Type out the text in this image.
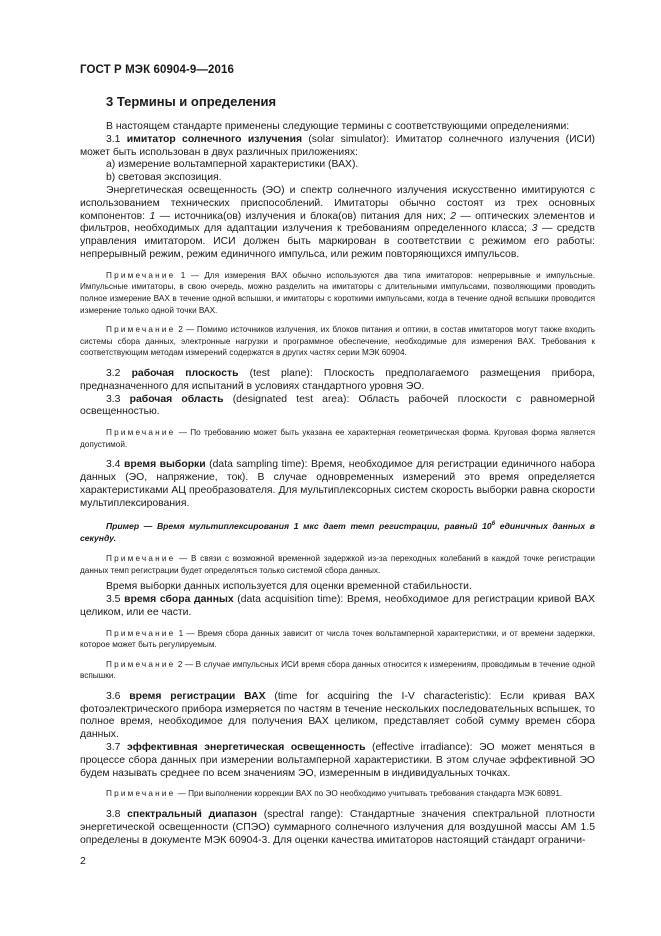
ГОСТ Р МЭК 60904-9—2016
3 Термины и определения

В настоящем стандарте применены следующие термины с соответствующими определениями:

3.1 имитатор солнечного излучения (solar simulator): Имитатор солнечного излучения (ИСИ) может быть использован в двух различных приложениях:

a) измерение вольтамперной характеристики (ВАХ).

b) световая экспозиция.

Энергетическая освещенность (ЭО) и спектр солнечного излучения искусственно имитируются с использованием технических приспособлений. Имитаторы обычно состоят из трех основных компонентов: 1 — источника(ов) излучения и блока(ов) питания для них; 2 — оптических элементов и фильтров, необходимых для адаптации излучения к требованиям определенного класса; 3 — средств управления имитатором. ИСИ должен быть маркирован в соответствии с режимом его работы: непрерывный режим, режим единичного импульса, или режим повторяющихся импульсов.

Примечание 1 — Для измерения ВАХ обычно используются два типа имитаторов: непрерывные и импульсные. Импульсные имитаторы, в свою очередь, можно разделить на имитаторы с длительными импульсами, позволяющими проводить полное измерение ВАХ в течение одной вспышки, и имитаторы с короткими импульсами, когда в течение одной вспышки проводится измерение только одной точки ВАХ.

Примечание 2 — Помимо источников излучения, их блоков питания и оптики, в состав имитаторов могут также входить системы сбора данных, электронные нагрузки и программное обеспечение, необходимые для измерения ВАХ. Требования к соответствующим методам измерений содержатся в других частях серии МЭК 60904.

3.2 рабочая плоскость (test plane): Плоскость предполагаемого размещения прибора, предназначенного для испытаний в условиях стандартного уровня ЭО.

3.3 рабочая область (designated test area): Область рабочей плоскости с равномерной освещенностью.

Примечание — По требованию может быть указана ее характерная геометрическая форма. Круговая форма является допустимой.

3.4 время выборки (data sampling time): Время, необходимое для регистрации единичного набора данных (ЭО, напряжение, ток). В случае одновременных измерений это время определяется характеристиками АЦ преобразователя. Для мультиплексорных систем скорость выборки равна скорости мультиплексирования.

Пример — Время мультиплексирования 1 мкс дает темп регистрации, равный $10^6$ единичных данных в секунду.

Примечание — В связи с возможной временной задержкой из-за переходных колебаний в каждой точке регистрации данных темп регистрации будет определяться только системой сбора данных.

Время выборки данных используется для оценки временной стабильности.

3.5 время сбора данных (data acquisition time): Время, необходимое для регистрации кривой ВАХ целиком, или ее части.

Примечание 1 — Время сбора данных зависит от числа точек вольтамперной характеристики, и от времени задержки, которое может быть регулируемым.

Примечание 2 — В случае импульсных ИСИ время сбора данных относится к измерениям, проводимым в течение одной вспышки.

3.6 время регистрации ВАХ (time for acquiring the I-V characteristic): Если кривая ВАХ фотоэлектрического прибора измеряется по частям в течение нескольких последовательных вспышек, то полное время, необходимое для получения ВАХ целиком, представляет собой сумму времен сбора данных.

3.7 эффективная энергетическая освещенность (effective irradiance): ЭО может меняться в процессе сбора данных при измерении вольтамперной характеристики. В этом случае эффективной ЭО будем называть среднее по всем значениям ЭО, измеренным в индивидуальных точках.

Примечание — При выполнении коррекции ВАХ по ЭО необходимо учитывать требования стандарта МЭК 60891.

3.8 спектральный диапазон (spectral range): Стандартные значения спектральной плотности энергетической освещенности (СПЭО) суммарного солнечного излучения для воздушной массы AM 1.5 определены в документе МЭК 60904-3. Для оценки качества имитаторов настоящий стандарт ограничи-

2
